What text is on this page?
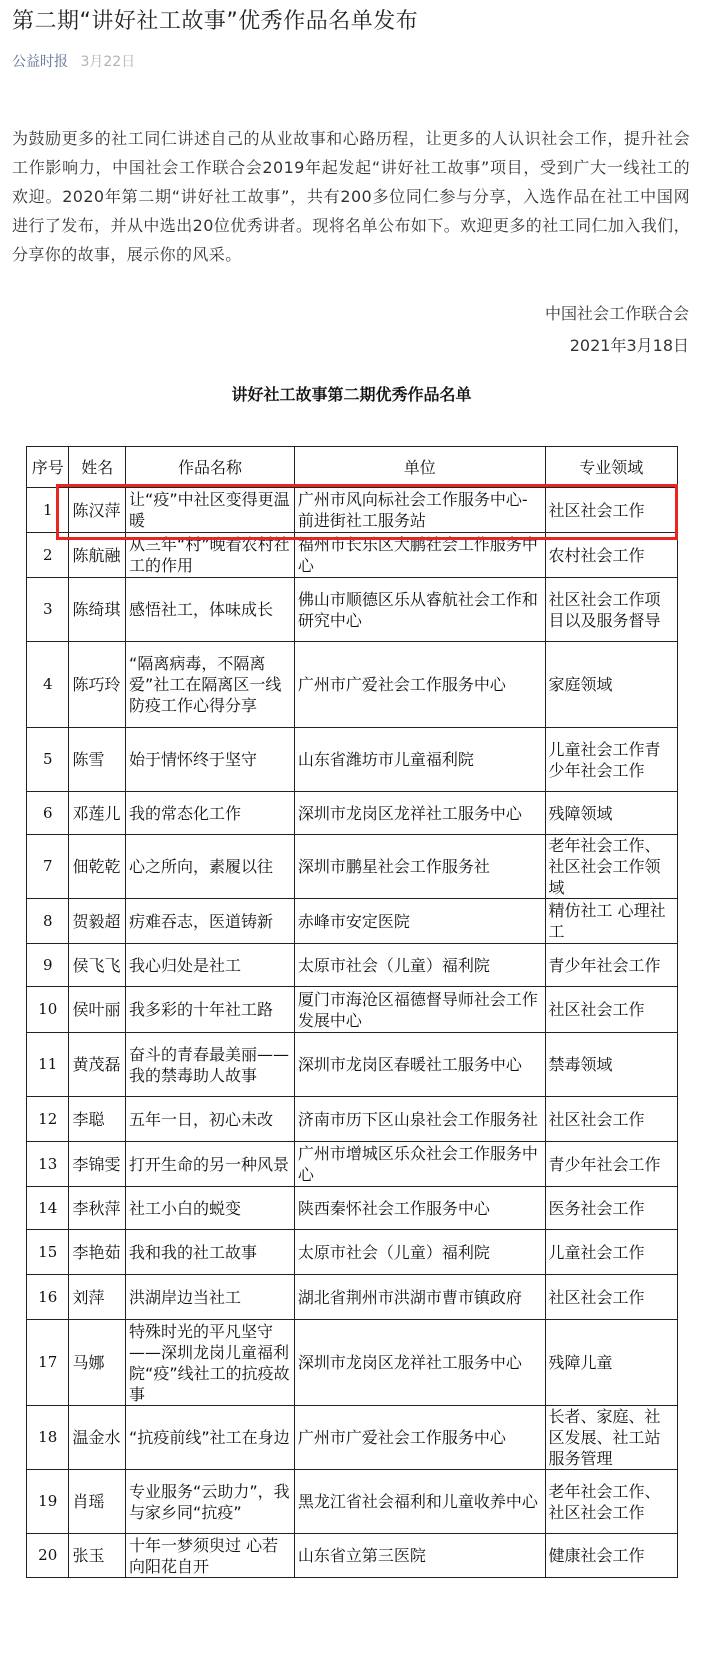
第二期“讲好社工故事”优秀作品名单发布
公益时报 3月22日

为鼓励更多的社工同仁讲述自己的从业故事和心路历程，让更多的人认识社会工作，提升社会工作影响力，中国社会工作联合会2019年起发起“讲好社工故事”项目，受到广大一线社工的欢迎。2020年第二期“讲好社工故事”，共有200多位同仁参与分享，入选作品在社工中国网进行了发布，并从中选出20位优秀讲者。现将名单公布如下。欢迎更多的社工同仁加入我们，分享你的故事，展示你的风采。

中国社会工作联合会
2021年3月18日
讲好社工故事第二期优秀作品名单
序号	姓名	作品名称	单位	专业领域
1	陈汉萍	让“疫”中社区变得更温暖	广州市风向标社会工作服务中心-前进街社工服务站	社区社会工作
2	陈航融	从三年“村”晚看农村社工的作用	福州市长乐区大鹏社会工作服务中心	农村社会工作
3	陈绮琪	感悟社工，体味成长	佛山市顺德区乐从睿航社会工作和研究中心	社区社会工作项目以及服务督导
4	陈巧玲	“隔离病毒，不隔离爱”社工在隔离区一线防疫工作心得分享	广州市广爱社会工作服务中心	家庭领域
5	陈雪	始于情怀终于坚守	山东省潍坊市儿童福利院	儿童社会工作青少年社会工作
6	邓莲儿	我的常态化工作	深圳市龙岗区龙祥社工服务中心	残障领域
7	佃乾乾	心之所向，素履以往	深圳市鹏星社会工作服务社	老年社会工作、社区社会工作领域
8	贺毅超	疠难吞志，医道铸新	赤峰市安定医院	精仿社工 心理社工
9	侯飞飞	我心归处是社工	太原市社会（儿童）福利院	青少年社会工作
10	侯叶丽	我多彩的十年社工路	厦门市海沧区福德督导师社会工作发展中心	社区社会工作
11	黄茂磊	奋斗的青春最美丽——我的禁毒助人故事	深圳市龙岗区春暖社工服务中心	禁毒领域
12	李聪	五年一日，初心未改	济南市历下区山泉社会工作服务社	社区社会工作
13	李锦雯	打开生命的另一种风景	广州市增城区乐众社会工作服务中心	青少年社会工作
14	李秋萍	社工小白的蜕变	陕西秦怀社会工作服务中心	医务社会工作
15	李艳茹	我和我的社工故事	太原市社会（儿童）福利院	儿童社会工作
16	刘萍	洪湖岸边当社工	湖北省荆州市洪湖市曹市镇政府	社区社会工作
17	马娜	特殊时光的平凡坚守——深圳龙岗儿童福利院“疫”线社工的抗疫故事	深圳市龙岗区龙祥社工服务中心	残障儿童
18	温金水	“抗疫前线”社工在身边	广州市广爱社会工作服务中心	长者、家庭、社区发展、社工站服务管理
19	肖瑶	专业服务“云助力”，我与家乡同“抗疫”	黑龙江省社会福利和儿童收养中心	老年社会工作、社区社会工作
20	张玉	十年一梦须臾过 心若向阳花自开	山东省立第三医院	健康社会工作
